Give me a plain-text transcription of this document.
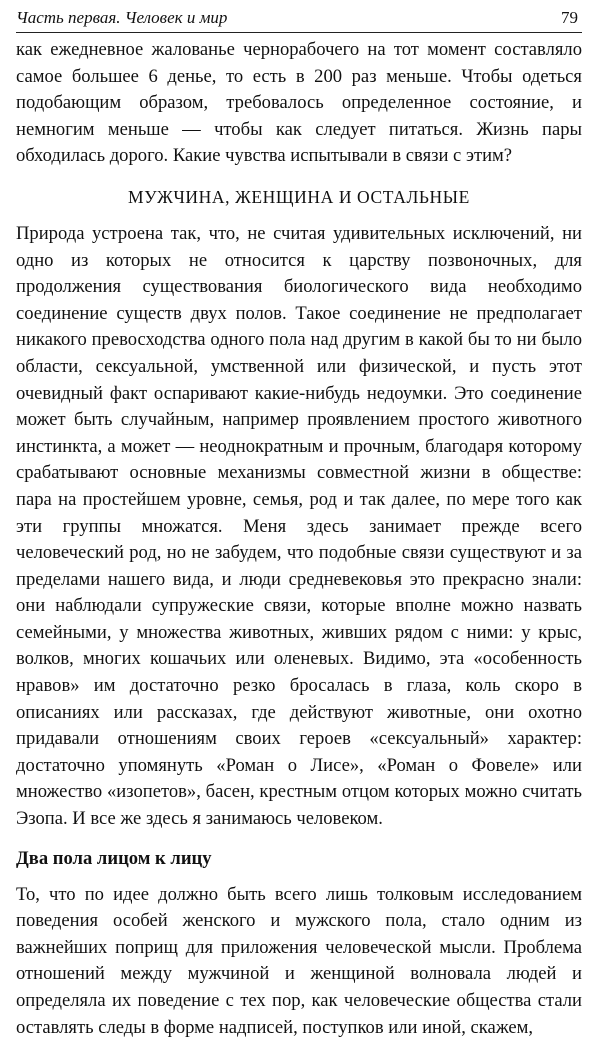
Часть первая. Человек и мир	79

как ежедневное жалованье чернорабочего на тот момент составляло самое большее 6 денье, то есть в 200 раз меньше. Чтобы одеться подобающим образом, требовалось определенное состояние, и немногим меньше — чтобы как следует питаться. Жизнь пары обходилась дорого. Какие чувства испытывали в связи с этим?

МУЖЧИНА, ЖЕНЩИНА И ОСТАЛЬНЫЕ

Природа устроена так, что, не считая удивительных исключений, ни одно из которых не относится к царству позвоночных, для продолжения существования биологического вида необходимо соединение существ двух полов. Такое соединение не предполагает никакого превосходства одного пола над другим в какой бы то ни было области, сексуальной, умственной или физической, и пусть этот очевидный факт оспаривают какие-нибудь недоумки. Это соединение может быть случайным, например проявлением простого животного инстинкта, а может — неоднократным и прочным, благодаря которому срабатывают основные механизмы совместной жизни в обществе: пара на простейшем уровне, семья, род и так далее, по мере того как эти группы множатся. Меня здесь занимает прежде всего человеческий род, но не забудем, что подобные связи существуют и за пределами нашего вида, и люди средневековья это прекрасно знали: они наблюдали супружеские связи, которые вполне можно назвать семейными, у множества животных, живших рядом с ними: у крыс, волков, многих кошачьих или оленевых. Видимо, эта «особенность нравов» им достаточно резко бросалась в глаза, коль скоро в описаниях или рассказах, где действуют животные, они охотно придавали отношениям своих героев «сексуальный» характер: достаточно упомянуть «Роман о Лисе», «Роман о Фовеле» или множество «изопетов», басен, крестным отцом которых можно считать Эзопа. И все же здесь я занимаюсь человеком.

Два пола лицом к лицу

То, что по идее должно быть всего лишь толковым исследованием поведения особей женского и мужского пола, стало одним из важнейших поприщ для приложения человеческой мысли. Проблема отношений между мужчиной и женщиной волновала людей и определяла их поведение с тех пор, как человеческие общества стали оставлять следы в форме надписей, поступков или иной, скажем,
